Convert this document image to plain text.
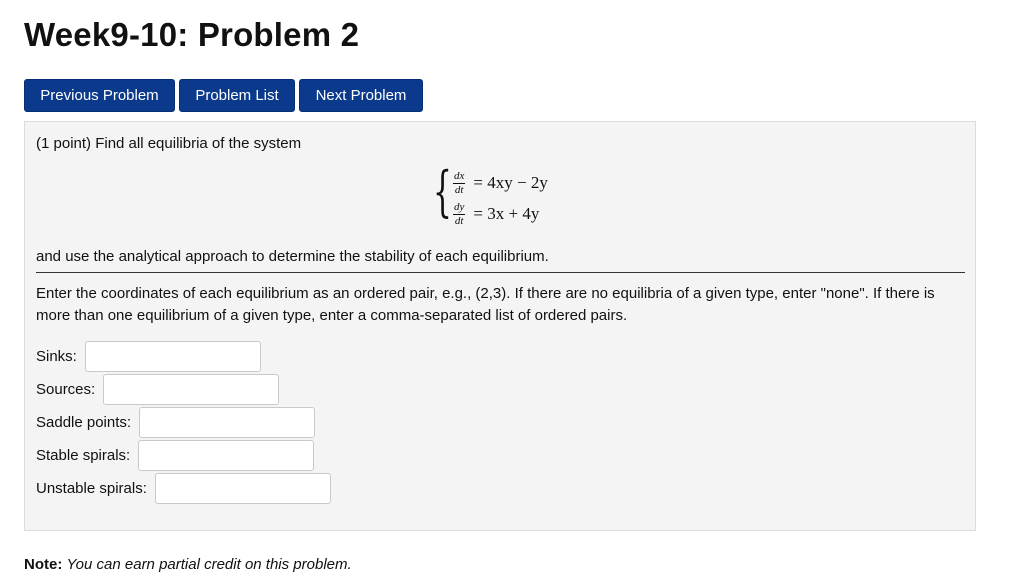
Week9-10: Problem 2
Previous Problem	Problem List	Next Problem
(1 point) Find all equilibria of the system
{ $\frac{dx}{dt} = 4xy - 2y$
$\frac{dy}{dt} = 3x + 4y$
and use the analytical approach to determine the stability of each equilibrium.
Enter the coordinates of each equilibrium as an ordered pair, e.g., (2,3). If there are no equilibria of a given type, enter "none". If there is more than one equilibrium of a given type, enter a comma-separated list of ordered pairs.
Sinks:
Sources:
Saddle points:
Stable spirals:
Unstable spirals:
Note: You can earn partial credit on this problem.
